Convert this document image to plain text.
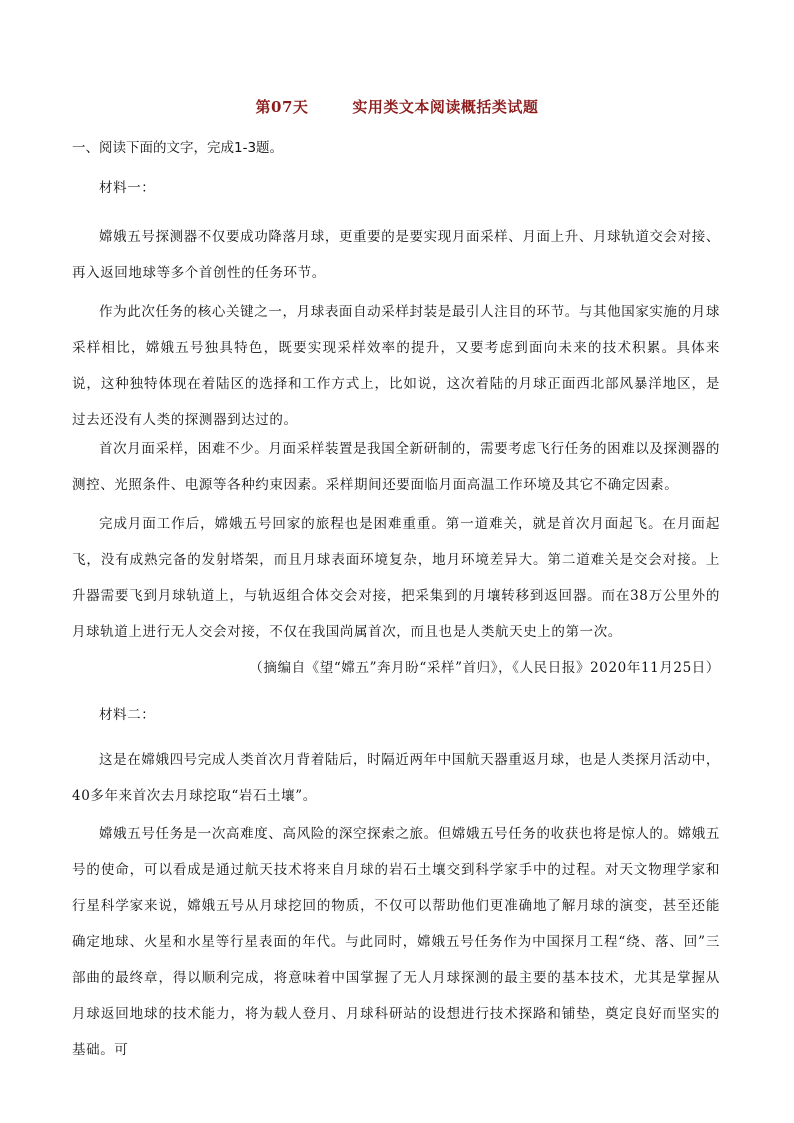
第07天	实用类文本阅读概括类试题
一、阅读下面的文字，完成1-3题。
材料一：
嫦娥五号探测器不仅要成功降落月球，更重要的是要实现月面采样、月面上升、月球轨道交会对接、再入返回地球等多个首创性的任务环节。
作为此次任务的核心关键之一，月球表面自动采样封装是最引人注目的环节。与其他国家实施的月球采样相比，嫦娥五号独具特色，既要实现采样效率的提升，又要考虑到面向未来的技术积累。具体来说，这种独特体现在着陆区的选择和工作方式上，比如说，这次着陆的月球正面西北部风暴洋地区，是过去还没有人类的探测器到达过的。
首次月面采样，困难不少。月面采样装置是我国全新研制的，需要考虑飞行任务的困难以及探测器的测控、光照条件、电源等各种约束因素。采样期间还要面临月面高温工作环境及其它不确定因素。
完成月面工作后，嫦娥五号回家的旅程也是困难重重。第一道难关，就是首次月面起飞。在月面起飞，没有成熟完备的发射塔架，而且月球表面环境复杂，地月环境差异大。第二道难关是交会对接。上升器需要飞到月球轨道上，与轨返组合体交会对接，把采集到的月壤转移到返回器。而在38万公里外的月球轨道上进行无人交会对接，不仅在我国尚属首次，而且也是人类航天史上的第一次。
（摘编自《望“嫦五”奔月盼“采样”首归》，《人民日报》2020年11月25日）
材料二：
这是在嫦娥四号完成人类首次月背着陆后，时隔近两年中国航天器重返月球，也是人类探月活动中，40多年来首次去月球挖取“岩石土壤”。
嫦娥五号任务是一次高难度、高风险的深空探索之旅。但嫦娥五号任务的收获也将是惊人的。嫦娥五号的使命，可以看成是通过航天技术将来自月球的岩石土壤交到科学家手中的过程。对天文物理学家和行星科学家来说，嫦娥五号从月球挖回的物质，不仅可以帮助他们更准确地了解月球的演变，甚至还能确定地球、火星和水星等行星表面的年代。与此同时，嫦娥五号任务作为中国探月工程“绕、落、回”三部曲的最终章，得以顺利完成，将意味着中国掌握了无人月球探测的最主要的基本技术，尤其是掌握从月球返回地球的技术能力，将为载人登月、月球科研站的设想进行技术探路和铺垫，奠定良好而坚实的基础。可
